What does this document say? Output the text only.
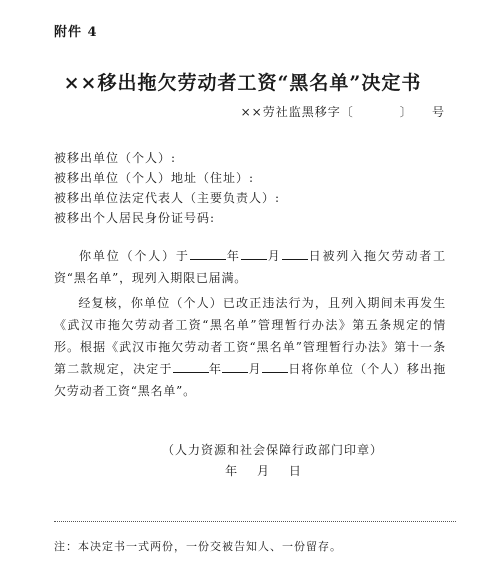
附件 4
××移出拖欠劳动者工资“黑名单”决定书
××劳社监黑移字〔	〕 号
被移出单位（个人）:
被移出单位（个人）地址（住址）:
被移出单位法定代表人（主要负责人）:
被移出个人居民身份证号码:
你单位（个人）于	年 月 日被列入拖欠劳动者工资“黑名单”，现列入期限已届满。
经复核，你单位（个人）已改正违法行为，且列入期间未再发生《武汉市拖欠劳动者工资“黑名单”管理暂行办法》第五条规定的情形。根据《武汉市拖欠劳动者工资“黑名单”管理暂行办法》第十一条第二款规定，决定于	年 月 日将你单位（个人）移出拖欠劳动者工资“黑名单”。
（人力资源和社会保障行政部门印章）
年 月 日
注：本决定书一式两份，一份交被告知人、一份留存。
